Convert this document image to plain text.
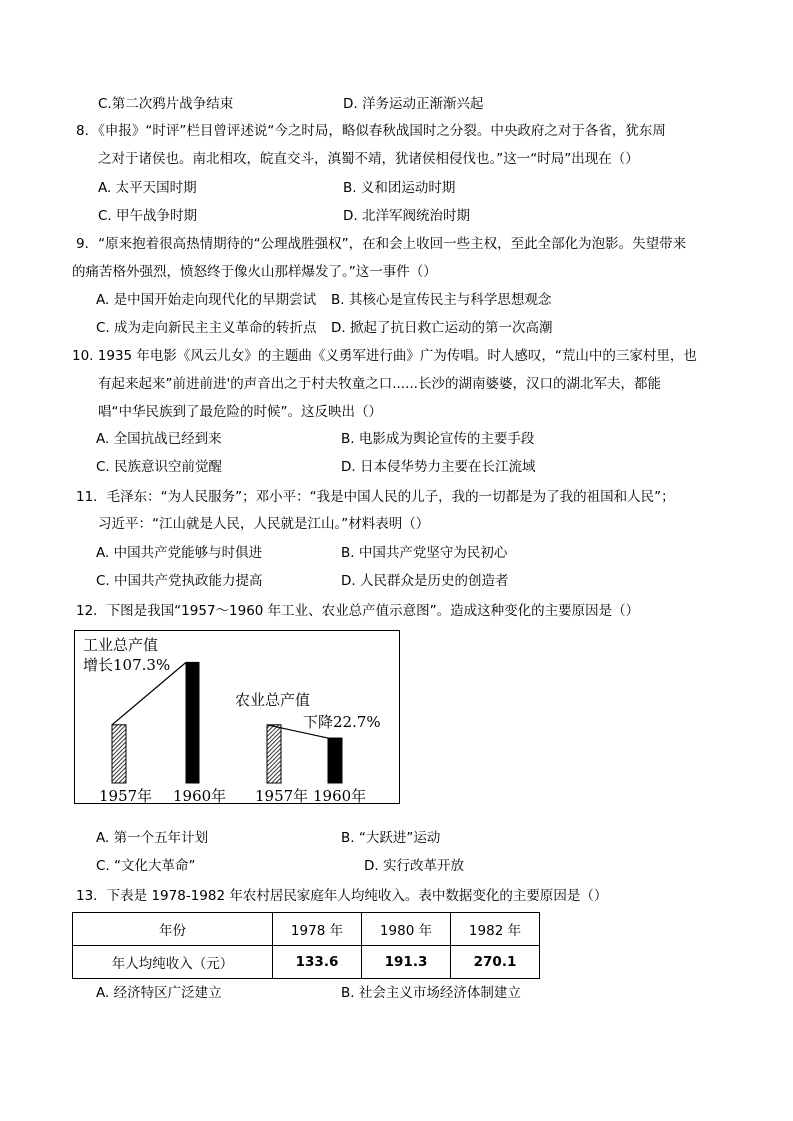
C.第二次鸦片战争结束	D. 洋务运动正渐渐兴起
8．《申报》“时评”栏目曾评述说“今之时局，略似春秋战国时之分裂。中央政府之对于各省，犹东周
之对于诸侯也。南北相攻，皖直交斗，滇蜀不靖，犹诸侯相侵伐也。”这一“时局”出现在（）
A. 太平天国时期	B. 义和团运动时期
C. 甲午战争时期	D. 北洋军阀统治时期
9．“原来抱着很高热情期待的“公理战胜强权”，在和会上收回一些主权，至此全部化为泡影。失望带来
的痛苦格外强烈，愤怒终于像火山那样爆发了。”这一事件（）
A. 是中国开始走向现代化的早期尝试 B. 其核心是宣传民主与科学思想观念
C. 成为走向新民主主义革命的转折点 D. 掀起了抗日救亡运动的第一次高潮
10. 1935 年电影《风云儿女》的主题曲《义勇军进行曲》广为传唱。时人感叹，“荒山中的三家村里，也
有起来起来”前进前进'的声音出之于村夫牧童之口......长沙的湖南婆婆，汉口的湖北军夫，都能
唱“中华民族到了最危险的时候”。这反映出（）
A. 全国抗战已经到来	B. 电影成为舆论宣传的主要手段
C. 民族意识空前觉醒	D. 日本侵华势力主要在长江流域
11．毛泽东：“为人民服务”；邓小平：“我是中国人民的儿子，我的一切都是为了我的祖国和人民”；
习近平：“江山就是人民，人民就是江山。”材料表明（）
A. 中国共产党能够与时俱进	B. 中国共产党坚守为民初心
C. 中国共产党执政能力提高	D. 人民群众是历史的创造者
12．下图是我国“1957～1960 年工业、农业总产值示意图”。造成这种变化的主要原因是（）
工业总产值
增长107.3%
农业总产值
下降22.7%
1957年 1960年 1957年 1960年
A. 第一个五年计划	B. “大跃进”运动
C. “文化大革命”	D. 实行改革开放
13．下表是 1978-1982 年农村居民家庭年人均纯收入。表中数据变化的主要原因是（）
年份	1978 年	1980 年	1982 年
年人均纯收入（元）	133.6	191.3	270.1
A. 经济特区广泛建立	B. 社会主义市场经济体制建立
